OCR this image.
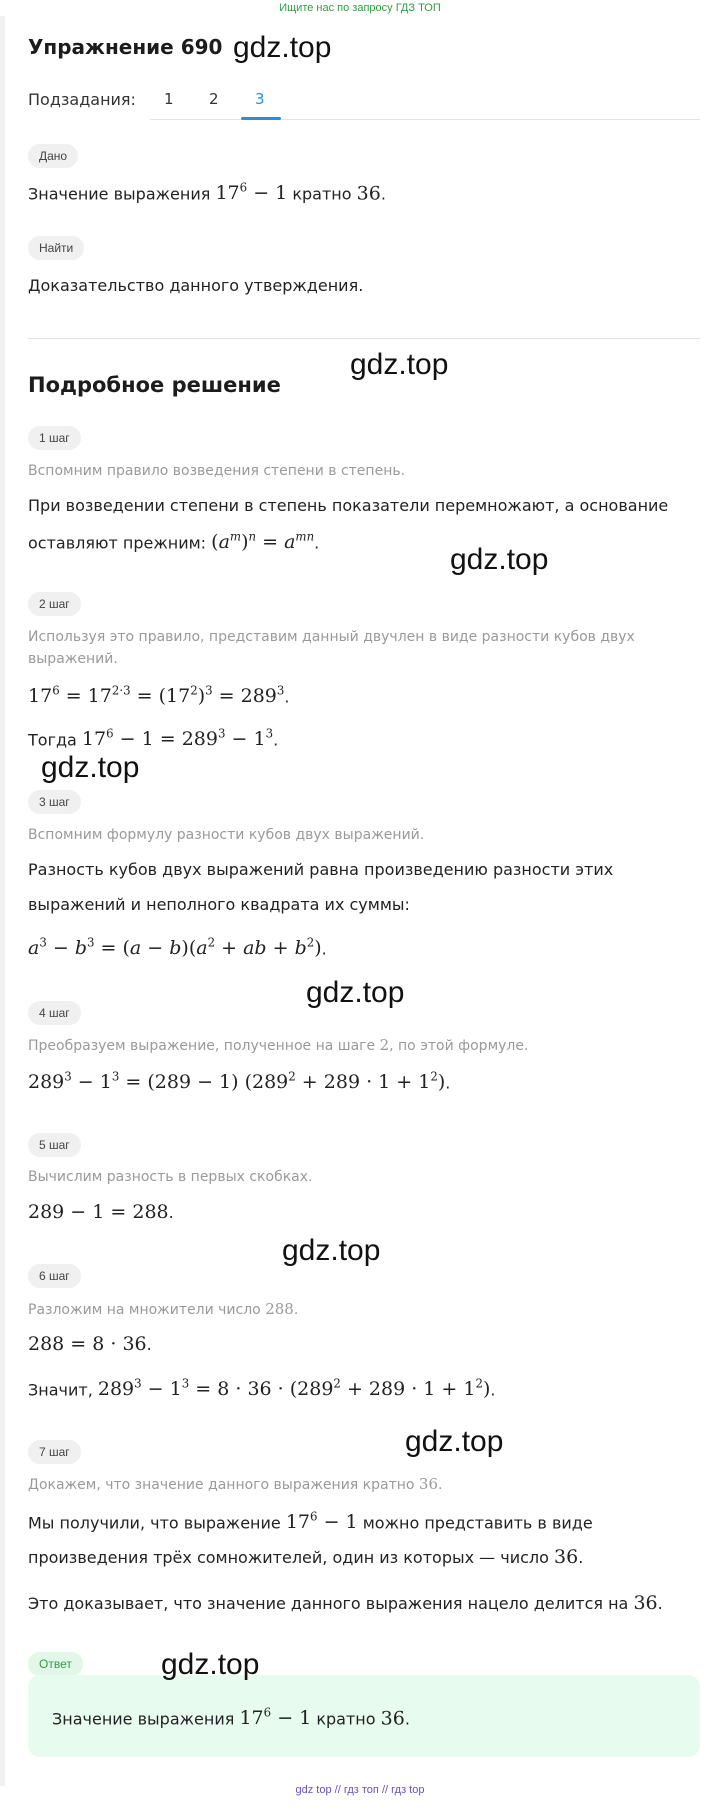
Ищите нас по запросу ГДЗ ТОП
Упражнение 690
Подзадания: 1 2 3
Дано
Значение выражения $17^6 - 1$ кратно 36.
Найти
Доказательство данного утверждения.
Подробное решение
1 шаг
Вспомним правило возведения степени в степень.
При возведении степени в степень показатели перемножают, а основание
оставляют прежним: $(a^m)^n = a^{mn}$.
2 шаг
Используя это правило, представим данный двучлен в виде разности кубов двух выражений.
$17^6 = 17^{2\cdot 3} = (17^2)^3 = 289^3$.
Тогда $17^6 - 1 = 289^3 - 1^3$.
3 шаг
Вспомним формулу разности кубов двух выражений.
Разность кубов двух выражений равна произведению разности этих
выражений и неполного квадрата их суммы:
$a^3 - b^3 = (a - b)(a^2$ + ab + $b^2$).
4 шаг
Преобразуем выражение, полученное на шаге 2, по этой формуле.
$289^3 - 1^3 = (289 - 1) (289^2 + 289 \cdot 1 + 1^2)$.
5 шаг
Вычислим разность в первых скобках.
289 − 1 = 288.
6 шаг
Разложим на множители число 288.
288 = 8 · 36.
Значит, $289^3 - 1^3 = 8 \cdot 36 \cdot (289^2 + 289 \cdot 1 + 1^2)$.
7 шаг
Докажем, что значение данного выражения кратно 36.
Мы получили, что выражение $17^6 - 1$ можно представить в виде
произведения трёх сомножителей, один из которых — число 36.
Это доказывает, что значение данного выражения нацело делится на 36.
Ответ
Значение выражения $17^6 - 1$ кратно 36.
gdz.top
gdz.top
gdz.top
gdz.top
gdz.top
gdz.top
gdz.top
gdz.top
gdz top // гдз топ // гдз top
